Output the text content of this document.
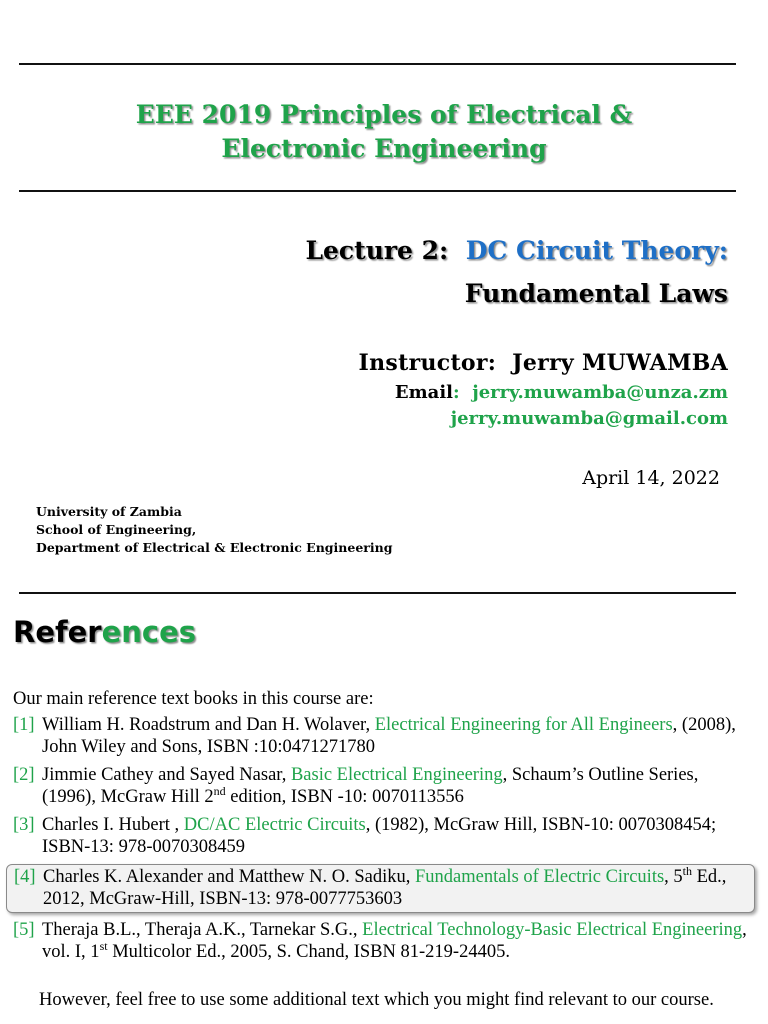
EEE 2019 Principles of Electrical &
Electronic Engineering
Lecture 2: DC Circuit Theory:
Fundamental Laws
Instructor: Jerry MUWAMBA
Email: jerry.muwamba@unza.zm
jerry.muwamba@gmail.com
April 14, 2022
University of Zambia
School of Engineering,
Department of Electrical & Electronic Engineering
References

Our main reference text books in this course are:

[1] William H. Roadstrum and Dan H. Wolaver, Electrical Engineering for All Engineers, (2008), John Wiley and Sons, ISBN :10:0471271780
[2] Jimmie Cathey and Sayed Nasar, Basic Electrical Engineering, Schaum’s Outline Series, (1996), McGraw Hill 2nd edition, ISBN -10: 0070113556
[3] Charles I. Hubert , DC/AC Electric Circuits, (1982), McGraw Hill, ISBN-10: 0070308454; ISBN-13: 978-0070308459
[4] Charles K. Alexander and Matthew N. O. Sadiku, Fundamentals of Electric Circuits, 5th Ed., 2012, McGraw-Hill, ISBN-13: 978-0077753603
[5] Theraja B.L., Theraja A.K., Tarnekar S.G., Electrical Technology-Basic Electrical Engineering, vol. I, 1st Multicolor Ed., 2005, S. Chand, ISBN 81-219-24405.
However, feel free to use some additional text which you might find relevant to our course.
